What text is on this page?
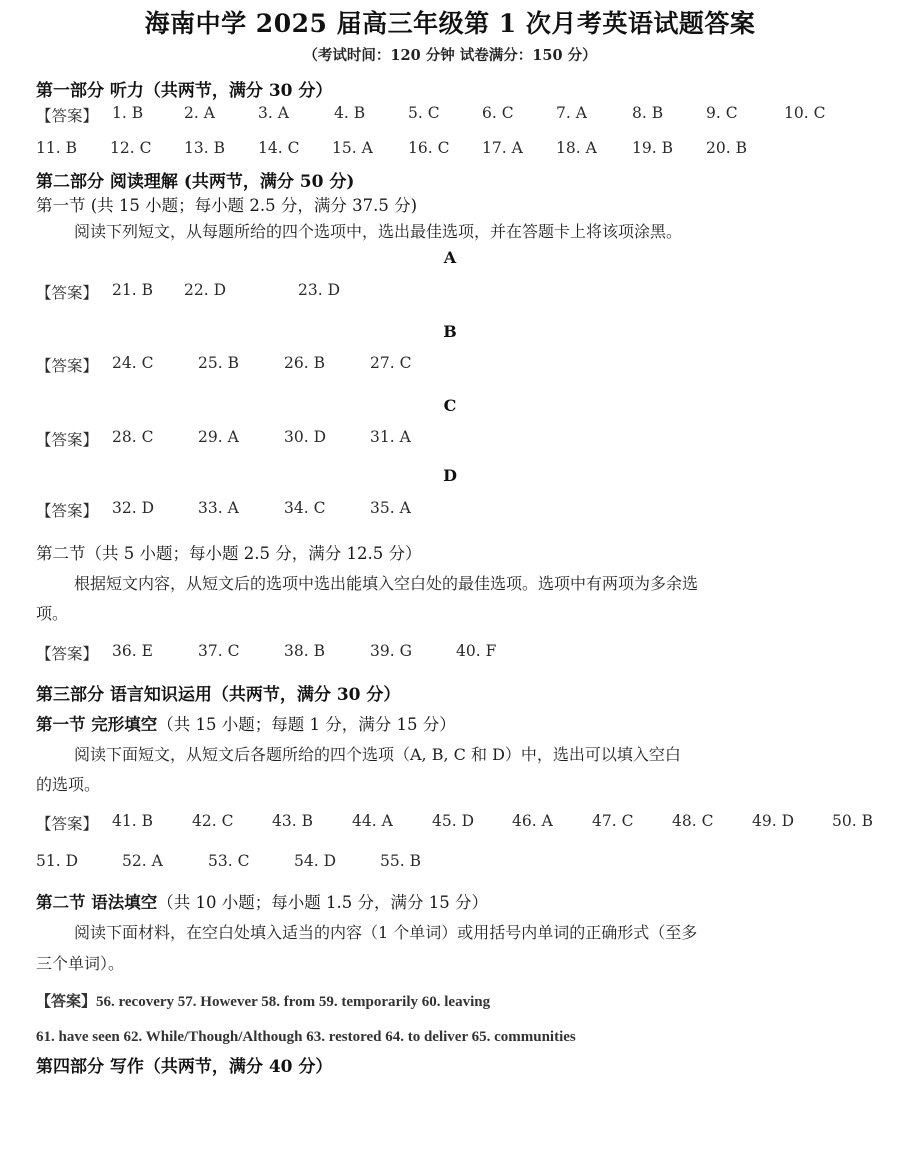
海南中学 2025 届高三年级第 1 次月考英语试题答案
（考试时间：120 分钟 试卷满分：150 分）
第一部分 听力（共两节，满分 30 分）
【答案】 1. B	2. A	3. A	4. B	5. C	6. C	7. A	8. B	9. C	10. C
11. B 12. C 13. B 14. C 15. A 16. C 17. A 18. A 19. B 20. B
第二部分 阅读理解 (共两节，满分 50 分)
第一节 (共 15 小题；每小题 2.5 分，满分 37.5 分)
阅读下列短文，从每题所给的四个选项中，选出最佳选项，并在答题卡上将该项涂黑。
A
【答案】 21. B 22. D	23. D
B
【答案】 24. C	25. B	26. B	27. C
C
【答案】 28. C	29. A	30. D	31. A
D
【答案】 32. D	33. A	34. C	35. A
第二节（共 5 小题；每小题 2.5 分，满分 12.5 分）
根据短文内容，从短文后的选项中选出能填入空白处的最佳选项。选项中有两项为多余选
项。
【答案】 36. E	37. C	38. B	39. G	40. F
第三部分 语言知识运用（共两节，满分 30 分）
第一节 完形填空（共 15 小题；每题 1 分，满分 15 分）
阅读下面短文，从短文后各题所给的四个选项（A, B, C 和 D）中，选出可以填入空白
的选项。
【答案】 41. B	42. C 43. B	44. A	45. D 46. A	47. C 48. C 49. D 50. B
51. D	52. A	53. C	54. D	55. B
第二节 语法填空（共 10 小题；每小题 1.5 分，满分 15 分）
阅读下面材料，在空白处填入适当的内容（1 个单词）或用括号内单词的正确形式（至多
三个单词）。
【答案】56. recovery 57. However 58. from 59. temporarily 60. leaving
61. have seen 62. While/Though/Although 63. restored 64. to deliver 65. communities
第四部分 写作（共两节，满分 40 分）
